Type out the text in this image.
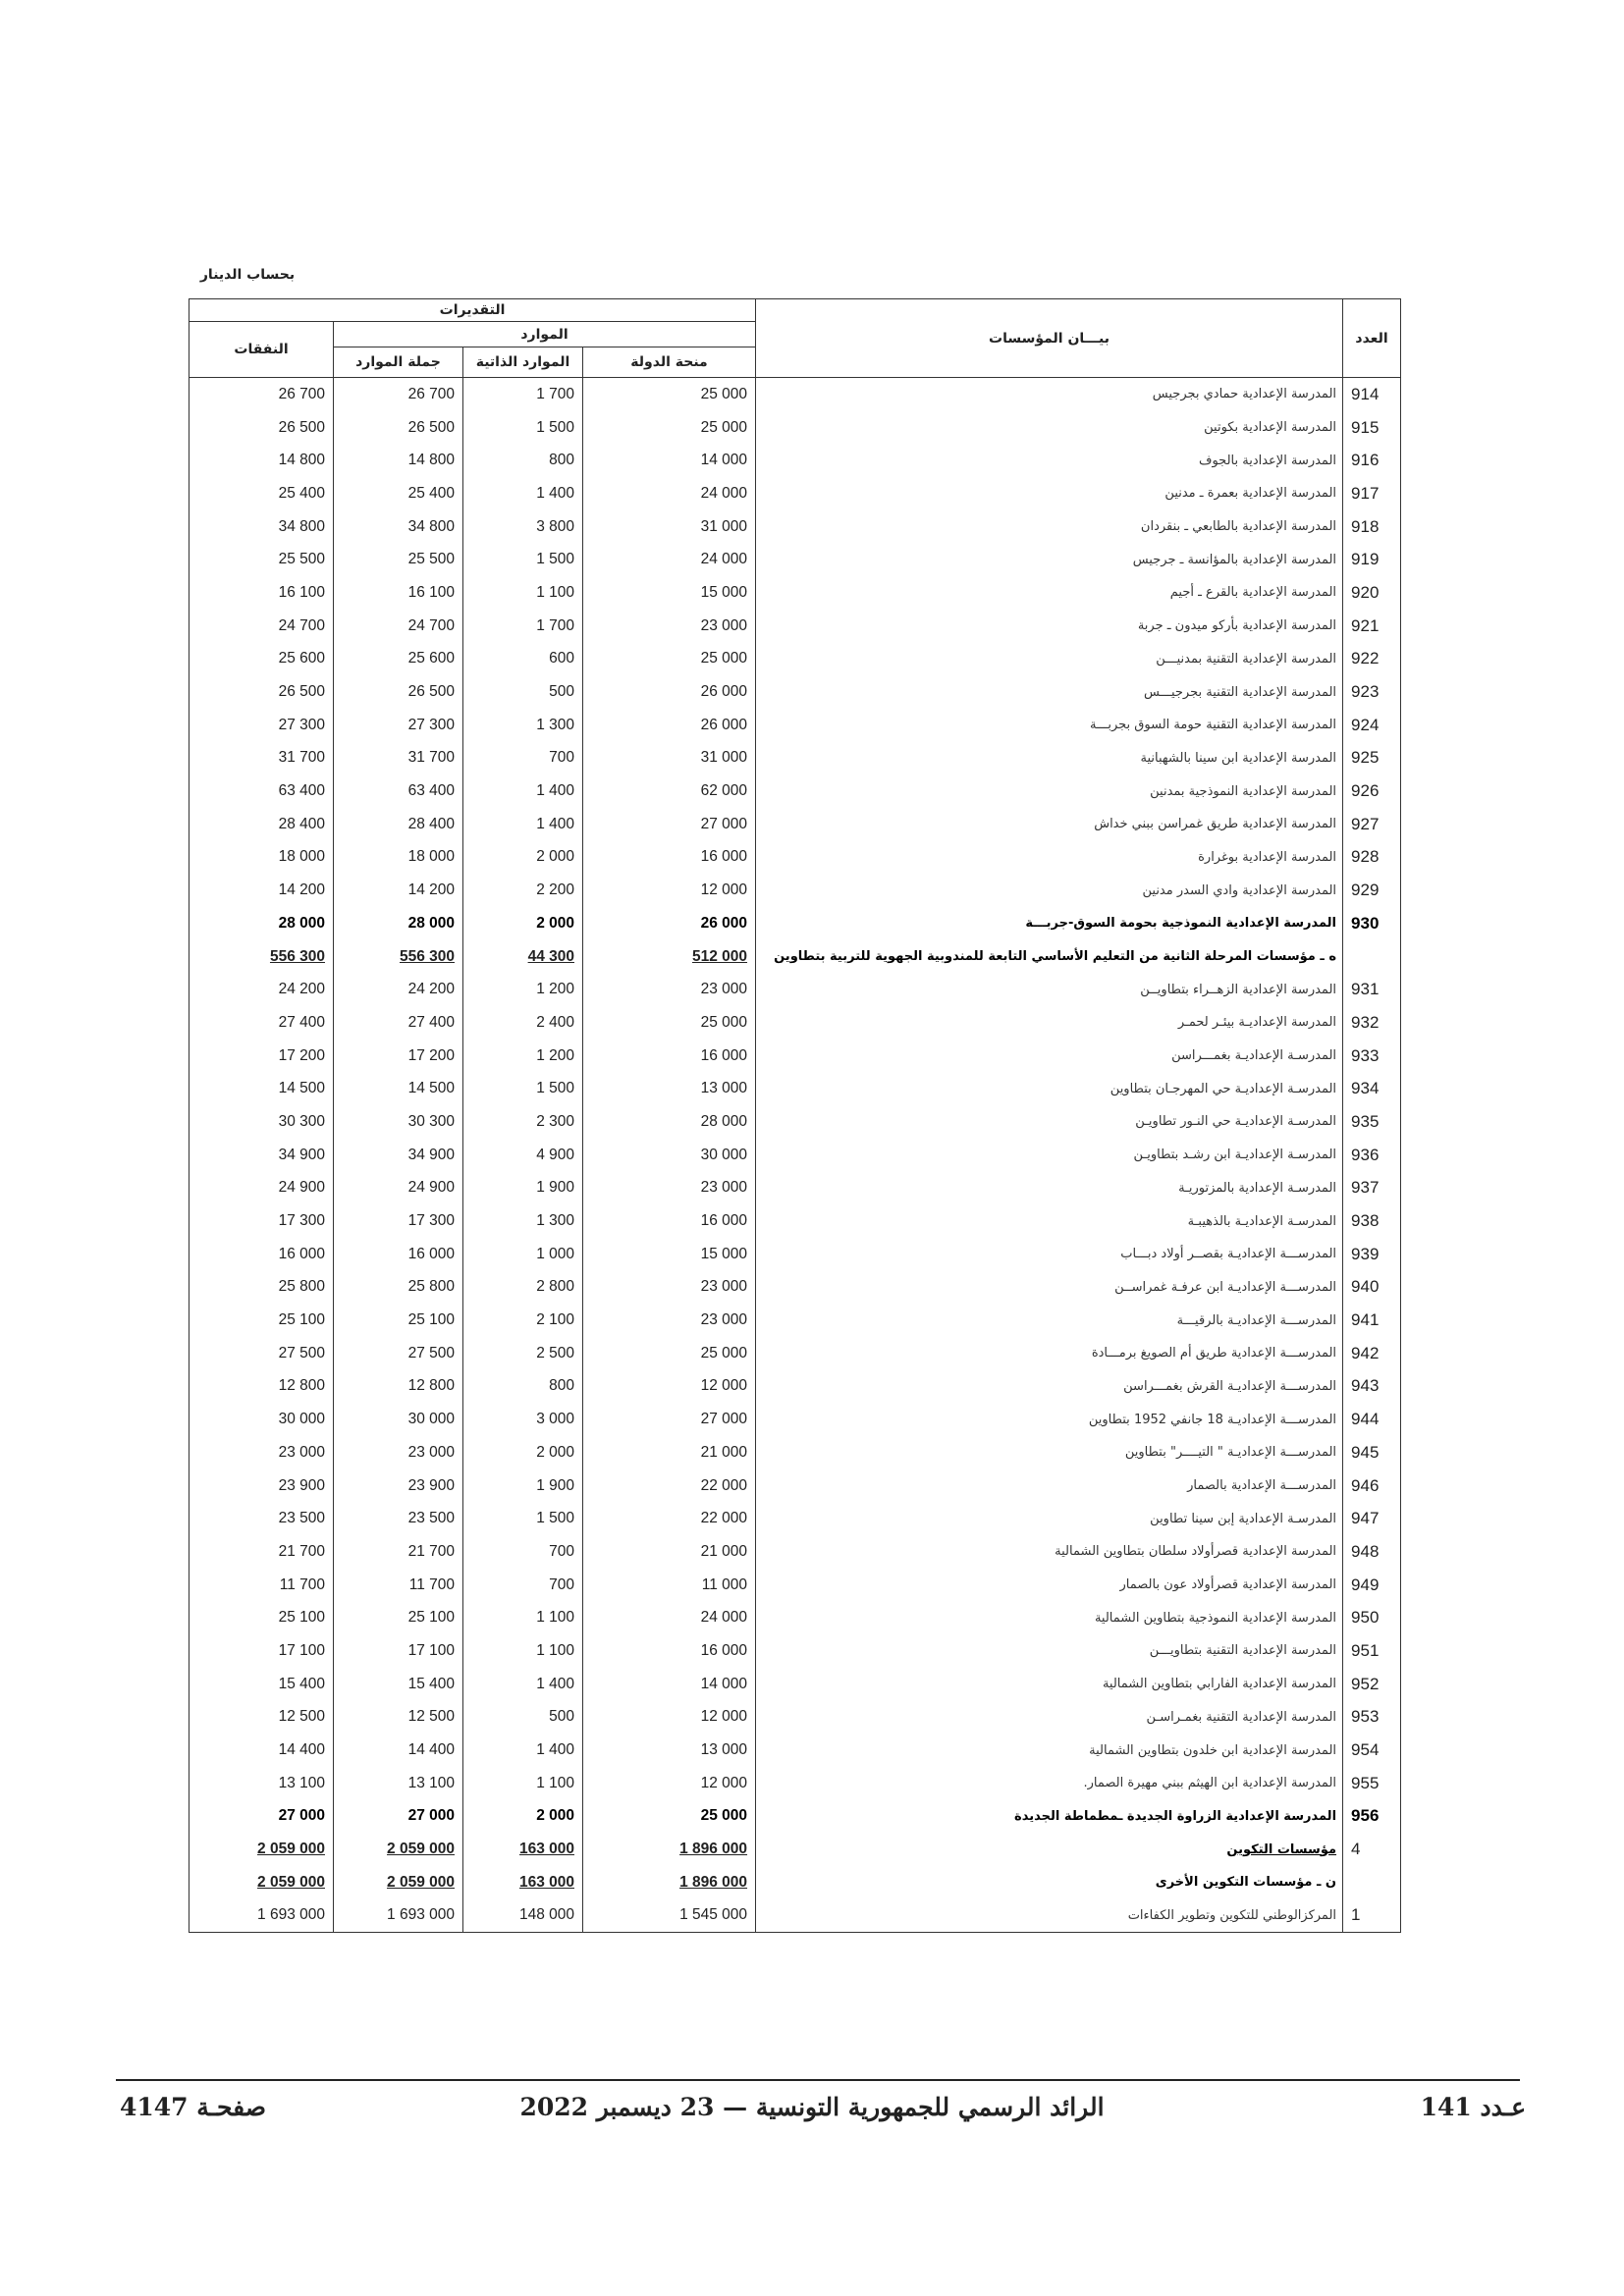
بحساب الدينار
التقديرات				بيـــان المؤسسات	العدد
النفقات	الموارد				
	جملة الموارد	الموارد الذاتية	منحة الدولة		
26 700	26 700	1 700	25 000	المدرسة الإعدادية حمادي بجرجيس	914
26 500	26 500	1 500	25 000	المدرسة الإعدادية بكوتين	915
14 800	14 800	800	14 000	المدرسة الإعدادية بالجوف	916
25 400	25 400	1 400	24 000	المدرسة الإعدادية بعمرة ـ مدنين	917
34 800	34 800	3 800	31 000	المدرسة الإعدادية بالطابعي ـ بنقردان	918
25 500	25 500	1 500	24 000	المدرسة الإعدادية بالمؤانسة ـ جرجيس	919
16 100	16 100	1 100	15 000	المدرسة الإعدادية بالقرع ـ أجيم	920
24 700	24 700	1 700	23 000	المدرسة الإعدادية بأركو ميدون ـ جربة	921
25 600	25 600	600	25 000	المدرسة الإعدادية التقنية بمدنيـــن	922
26 500	26 500	500	26 000	المدرسة الإعدادية التقنية بجرجيـــس	923
27 300	27 300	1 300	26 000	المدرسة الإعدادية التقنية حومة السوق بجربـــة	924
31 700	31 700	700	31 000	المدرسة الإعدادية ابن سينا بالشهبانية	925
63 400	63 400	1 400	62 000	المدرسة الإعدادية النموذجية بمدنين	926
28 400	28 400	1 400	27 000	المدرسة الإعدادية طريق غمراسن ببني خداش	927
18 000	18 000	2 000	16 000	المدرسة الإعدادية بوغرارة	928
14 200	14 200	2 200	12 000	المدرسة الإعدادية وادي السدر مدنين	929
28 000	28 000	2 000	26 000	المدرسة الإعدادية النموذجية بحومة السوق-جربـــة	930
556 300	556 300	44 300	512 000	ه ـ مؤسسات المرحلة الثانية من التعليم الأساسي التابعة للمندوبية الجهوية للتربية بتطاوين	
24 200	24 200	1 200	23 000	المدرسة الإعدادية الزهــراء بتطاويــن	931
27 400	27 400	2 400	25 000	المدرسة الإعداديـة بيئـر لحمـر	932
17 200	17 200	1 200	16 000	المدرسـة الإعداديـة بغمـــراسن	933
14 500	14 500	1 500	13 000	المدرسـة الإعداديـة حي المهرجـان بتطاوين	934
30 300	30 300	2 300	28 000	المدرسـة الإعداديـة حي النـور تطاويـن	935
34 900	34 900	4 900	30 000	المدرسـة الإعداديـة ابن رشـد بتطاويـن	936
24 900	24 900	1 900	23 000	المدرسـة الإعدادية بالمزتوريـة	937
17 300	17 300	1 300	16 000	المدرسـة الإعداديـة بالذهيبـة	938
16 000	16 000	1 000	15 000	المدرســـة الإعداديـة بقصــر أولاد دبـــاب	939
25 800	25 800	2 800	23 000	المدرســـة الإعداديـة ابن عرفـة غمراســن	940
25 100	25 100	2 100	23 000	المدرســـة الإعداديـة بالرقيـــة	941
27 500	27 500	2 500	25 000	المدرســـة الإعدادية طريق أم الصويغ برمـــادة	942
12 800	12 800	800	12 000	المدرســـة الإعداديـة القرش بغمـــراسن	943
30 000	30 000	3 000	27 000	المدرســـة الإعداديـة 18 جانفي 1952 بتطاوين	944
23 000	23 000	2 000	21 000	المدرســـة الإعداديـة " التيــــر" بتطاوين	945
23 900	23 900	1 900	22 000	المدرســـة الإعدادية بالصمار	946
23 500	23 500	1 500	22 000	المدرسـة الإعدادية إبن سينا تطاوين	947
21 700	21 700	700	21 000	المدرسة الإعدادية قصرأولاد سلطان بتطاوين الشمالية	948
11 700	11 700	700	11 000	المدرسة الإعدادية قصرأولاد عون بالصمار	949
25 100	25 100	1 100	24 000	المدرسة الإعدادية النموذجية بتطاوين الشمالية	950
17 100	17 100	1 100	16 000	المدرسة الإعدادية التقنية بتطاويـــن	951
15 400	15 400	1 400	14 000	المدرسة الإعدادية الفارابي بتطاوين الشمالية	952
12 500	12 500	500	12 000	المدرسة الإعدادية التقنية بغمـراسـن	953
14 400	14 400	1 400	13 000	المدرسة الإعدادية ابن خلدون بتطاوين الشمالية	954
13 100	13 100	1 100	12 000	المدرسة الإعدادية ابن الهيثم ببني مهيرة الصمار.	955
27 000	27 000	2 000	25 000	المدرسة الإعدادية الزراوة الجديدة ـمطماطة الجديدة	956
2 059 000	2 059 000	163 000	1 896 000	مؤسسات التكوين	4
2 059 000	2 059 000	163 000	1 896 000	ن ـ مؤسسات التكوين الأخرى	
1 693 000	1 693 000	148 000	1 545 000	المركزالوطني للتكوين وتطوير الكفاءات	1
عـدد 141
الرائد الرسمي للجمهورية التونسية — 23 ديسمبر 2022
صفحـة 4147
